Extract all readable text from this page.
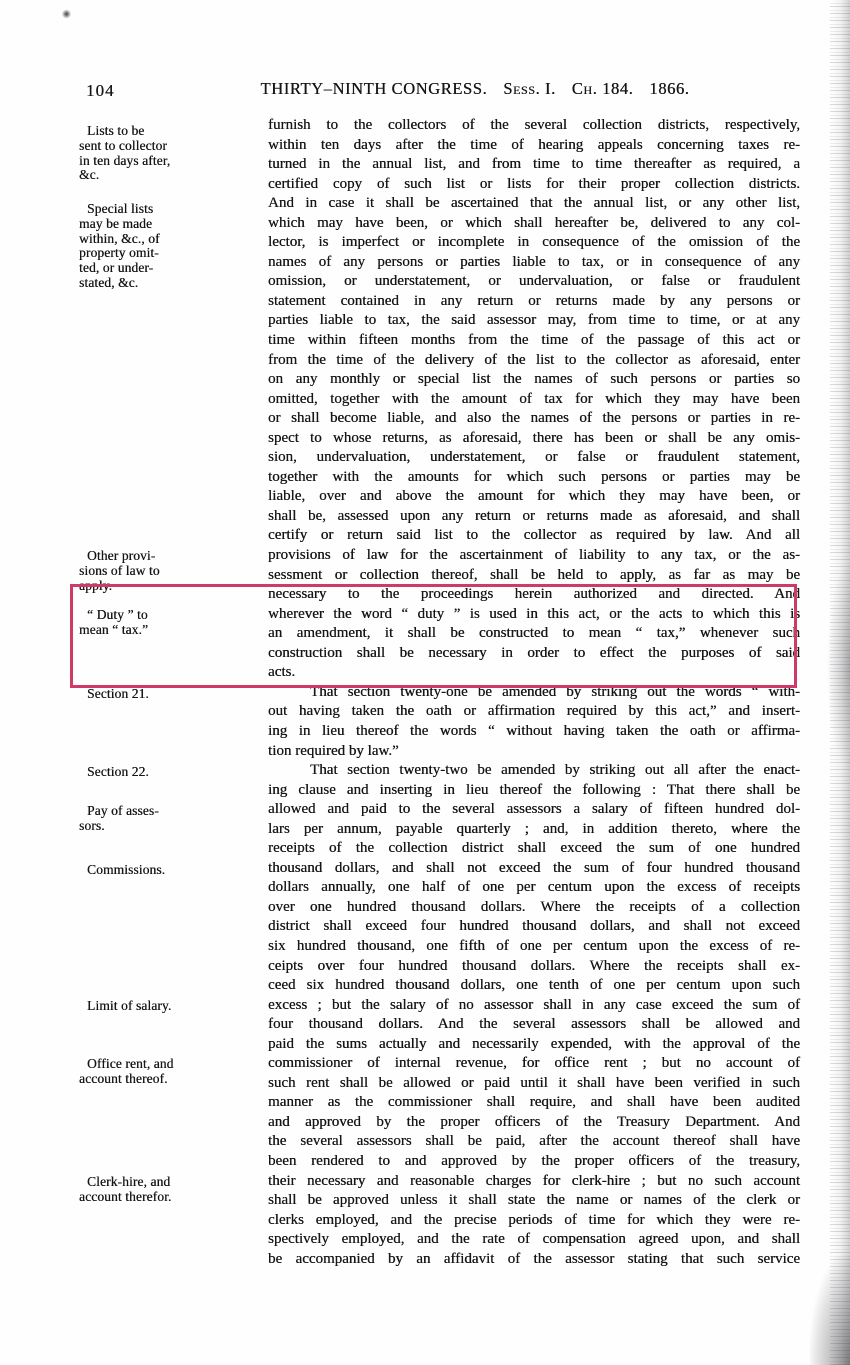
104	THIRTY–NINTH CONGRESS. Sess. I. Ch. 184. 1866.
Lists to be
sent to collector
in ten days after,
&c.
Special lists
may be made
within, &c., of
property omit-
ted, or under-
stated, &c.
Other provi-
sions of law to
apply.
“ Duty ” to
mean “ tax.”
Section 21.
Section 22.
Pay of asses-
sors.
Commissions.
Limit of salary.
Office rent, and
account thereof.
Clerk-hire, and
account therefor.
furnish to the collectors of the several collection districts, respectively,
within ten days after the time of hearing appeals concerning taxes re-
turned in the annual list, and from time to time thereafter as required, a
certified copy of such list or lists for their proper collection districts.
And in case it shall be ascertained that the annual list, or any other list,
which may have been, or which shall hereafter be, delivered to any col-
lector, is imperfect or incomplete in consequence of the omission of the
names of any persons or parties liable to tax, or in consequence of any
omission, or understatement, or undervaluation, or false or fraudulent
statement contained in any return or returns made by any persons or
parties liable to tax, the said assessor may, from time to time, or at any
time within fifteen months from the time of the passage of this act or
from the time of the delivery of the list to the collector as aforesaid, enter
on any monthly or special list the names of such persons or parties so
omitted, together with the amount of tax for which they may have been
or shall become liable, and also the names of the persons or parties in re-
spect to whose returns, as aforesaid, there has been or shall be any omis-
sion, undervaluation, understatement, or false or fraudulent statement,
together with the amounts for which such persons or parties may be
liable, over and above the amount for which they may have been, or
shall be, assessed upon any return or returns made as aforesaid, and shall
certify or return said list to the collector as required by law. And all
provisions of law for the ascertainment of liability to any tax, or the as-
sessment or collection thereof, shall be held to apply, as far as may be
necessary to the proceedings herein authorized and directed. And
wherever the word “ duty ” is used in this act, or the acts to which this is
an amendment, it shall be constructed to mean “ tax,” whenever such
construction shall be necessary in order to effect the purposes of said
acts.
That section twenty-one be amended by striking out the words “ with-
out having taken the oath or affirmation required by this act,” and insert-
ing in lieu thereof the words “ without having taken the oath or affirma-
tion required by law.”
That section twenty-two be amended by striking out all after the enact-
ing clause and inserting in lieu thereof the following : That there shall be
allowed and paid to the several assessors a salary of fifteen hundred dol-
lars per annum, payable quarterly ; and, in addition thereto, where the
receipts of the collection district shall exceed the sum of one hundred
thousand dollars, and shall not exceed the sum of four hundred thousand
dollars annually, one half of one per centum upon the excess of receipts
over one hundred thousand dollars. Where the receipts of a collection
district shall exceed four hundred thousand dollars, and shall not exceed
six hundred thousand, one fifth of one per centum upon the excess of re-
ceipts over four hundred thousand dollars. Where the receipts shall ex-
ceed six hundred thousand dollars, one tenth of one per centum upon such
excess ; but the salary of no assessor shall in any case exceed the sum of
four thousand dollars. And the several assessors shall be allowed and
paid the sums actually and necessarily expended, with the approval of the
commissioner of internal revenue, for office rent ; but no account of
such rent shall be allowed or paid until it shall have been verified in such
manner as the commissioner shall require, and shall have been audited
and approved by the proper officers of the Treasury Department. And
the several assessors shall be paid, after the account thereof shall have
been rendered to and approved by the proper officers of the treasury,
their necessary and reasonable charges for clerk-hire ; but no such account
shall be approved unless it shall state the name or names of the clerk or
clerks employed, and the precise periods of time for which they were re-
spectively employed, and the rate of compensation agreed upon, and shall
be accompanied by an affidavit of the assessor stating that such service
